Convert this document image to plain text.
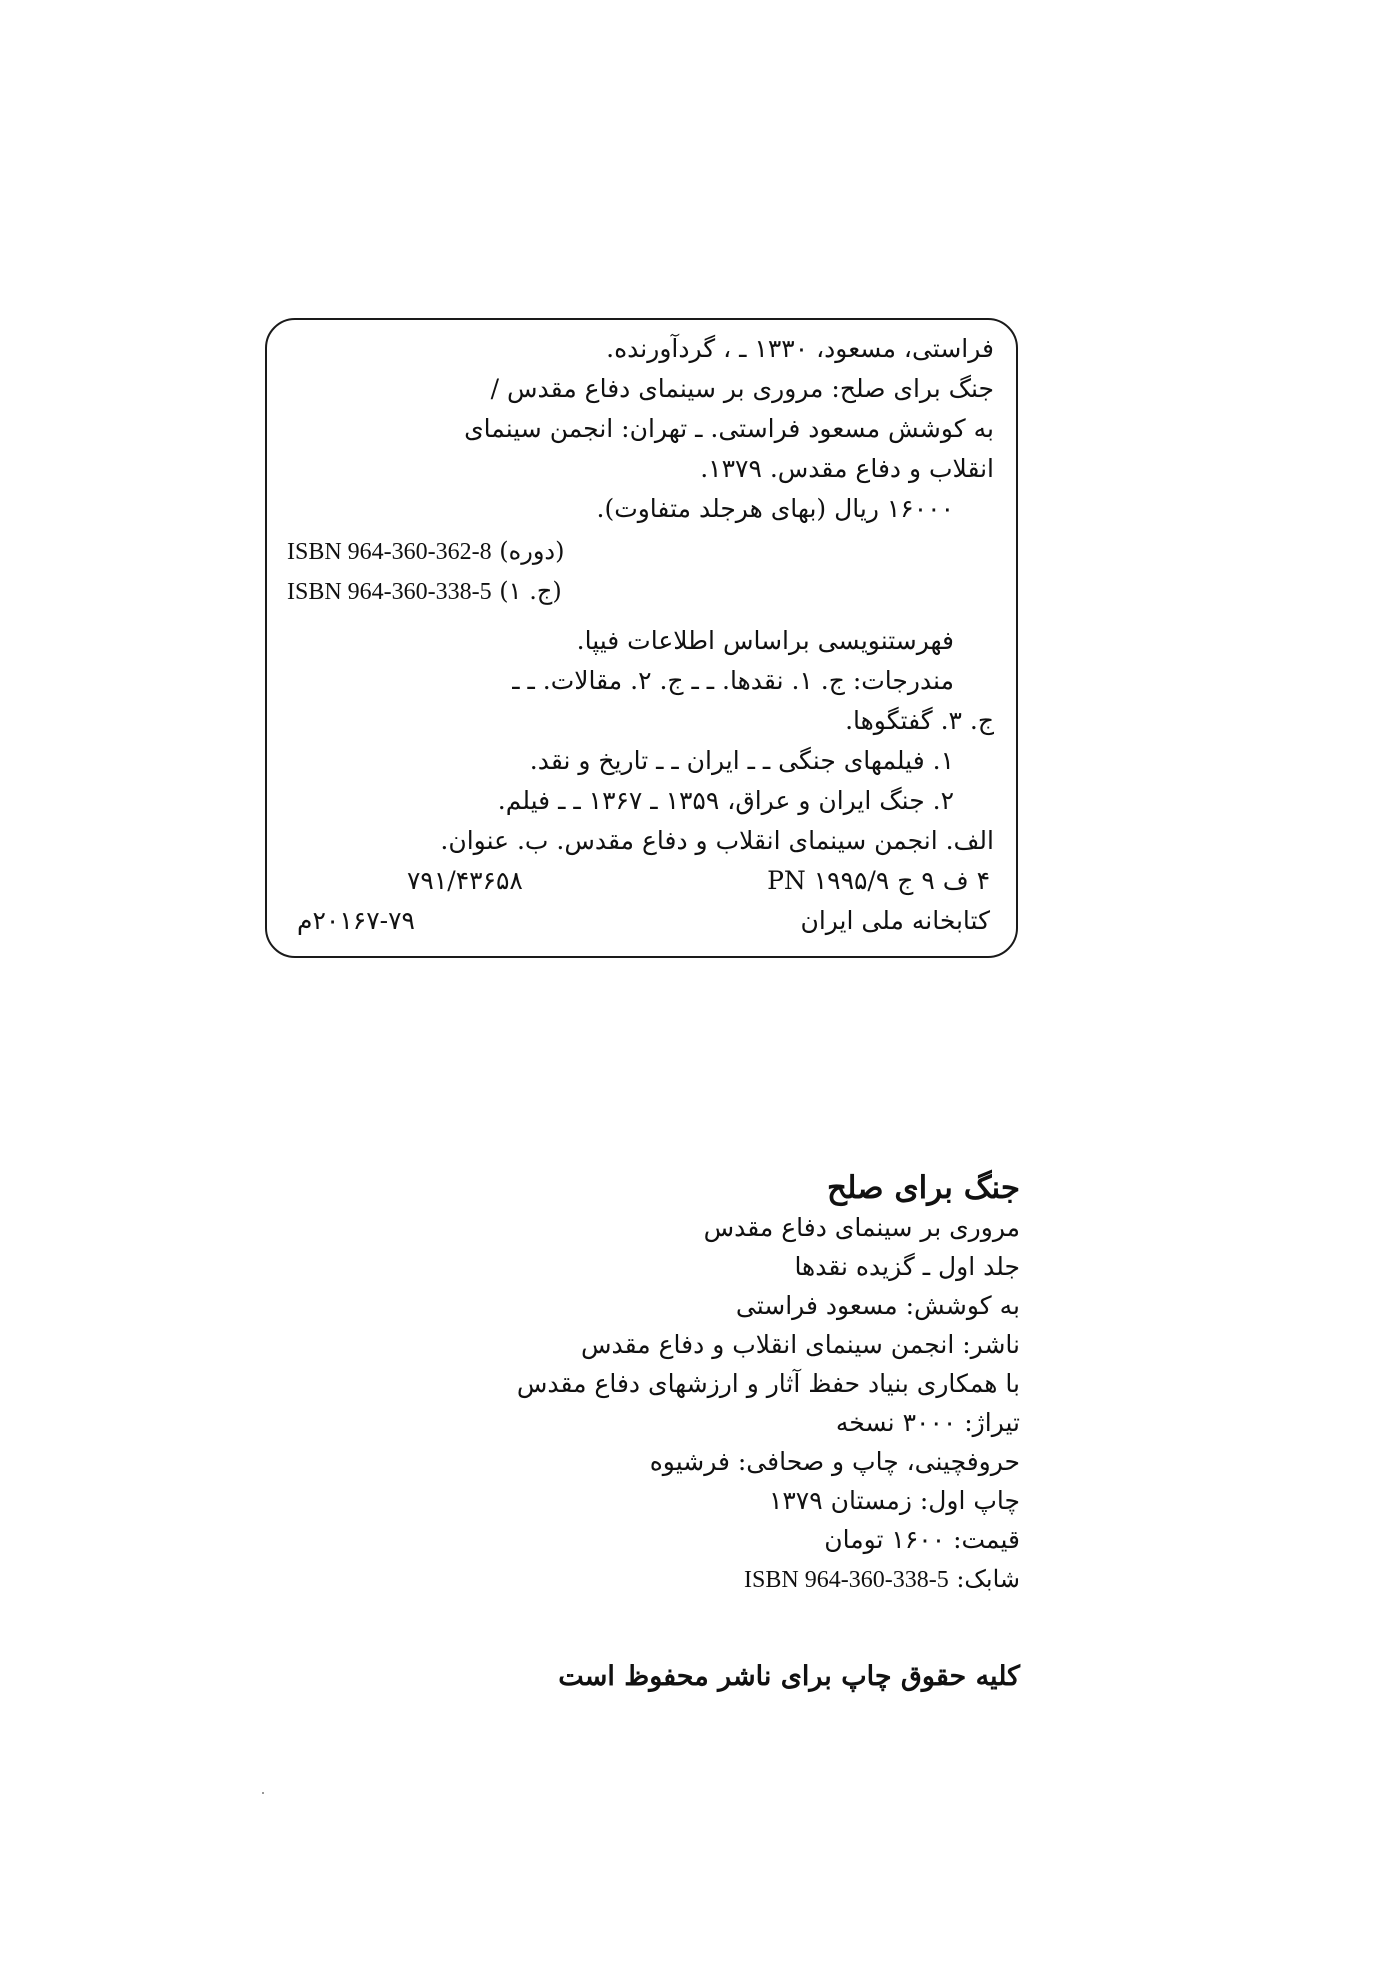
فراستی، مسعود، ۱۳۳۰ ـ ، گردآورنده.
جنگ برای صلح: مروری بر سینمای دفاع مقدس /
به کوشش مسعود فراستی. ـ تهران: انجمن سینمای
انقلاب و دفاع مقدس. ۱۳۷۹.
۱۶۰۰۰ ریال (بهای هرجلد متفاوت).
ISBN 964-360-362-8 (دوره)
ISBN 964-360-338-5 (ج. ۱)
فهرستنویسی براساس اطلاعات فیپا.
مندرجات: ج. ۱. نقدها. ـ ـ ج. ۲. مقالات. ـ ـ
ج. ۳. گفتگوها.
۱. فیلمهای جنگی ـ ـ ایران ـ ـ تاریخ و نقد.
۲. جنگ ایران و عراق، ۱۳۵۹ ـ ۱۳۶۷ ـ ـ فیلم.
الف. انجمن سینمای انقلاب و دفاع مقدس. ب. عنوان.
۴ ف ۹ ج ۱۹۹۵/۹ PN
۷۹۱/۴۳۶۵۸
کتابخانه ملی ایران
۲۰۱۶۷-۷۹م
جنگ برای صلح
مروری بر سینمای دفاع مقدس
جلد اول ـ گزیده نقدها
به کوشش: مسعود فراستی
ناشر: انجمن سینمای انقلاب و دفاع مقدس
با همکاری بنیاد حفظ آثار و ارزشهای دفاع مقدس
تیراژ: ۳۰۰۰ نسخه
حروفچینی، چاپ و صحافی: فرشیوه
چاپ اول: زمستان ۱۳۷۹
قیمت: ۱۶۰۰ تومان
ISBN 964-360-338-5 شابک:
کلیه حقوق چاپ برای ناشر محفوظ است
